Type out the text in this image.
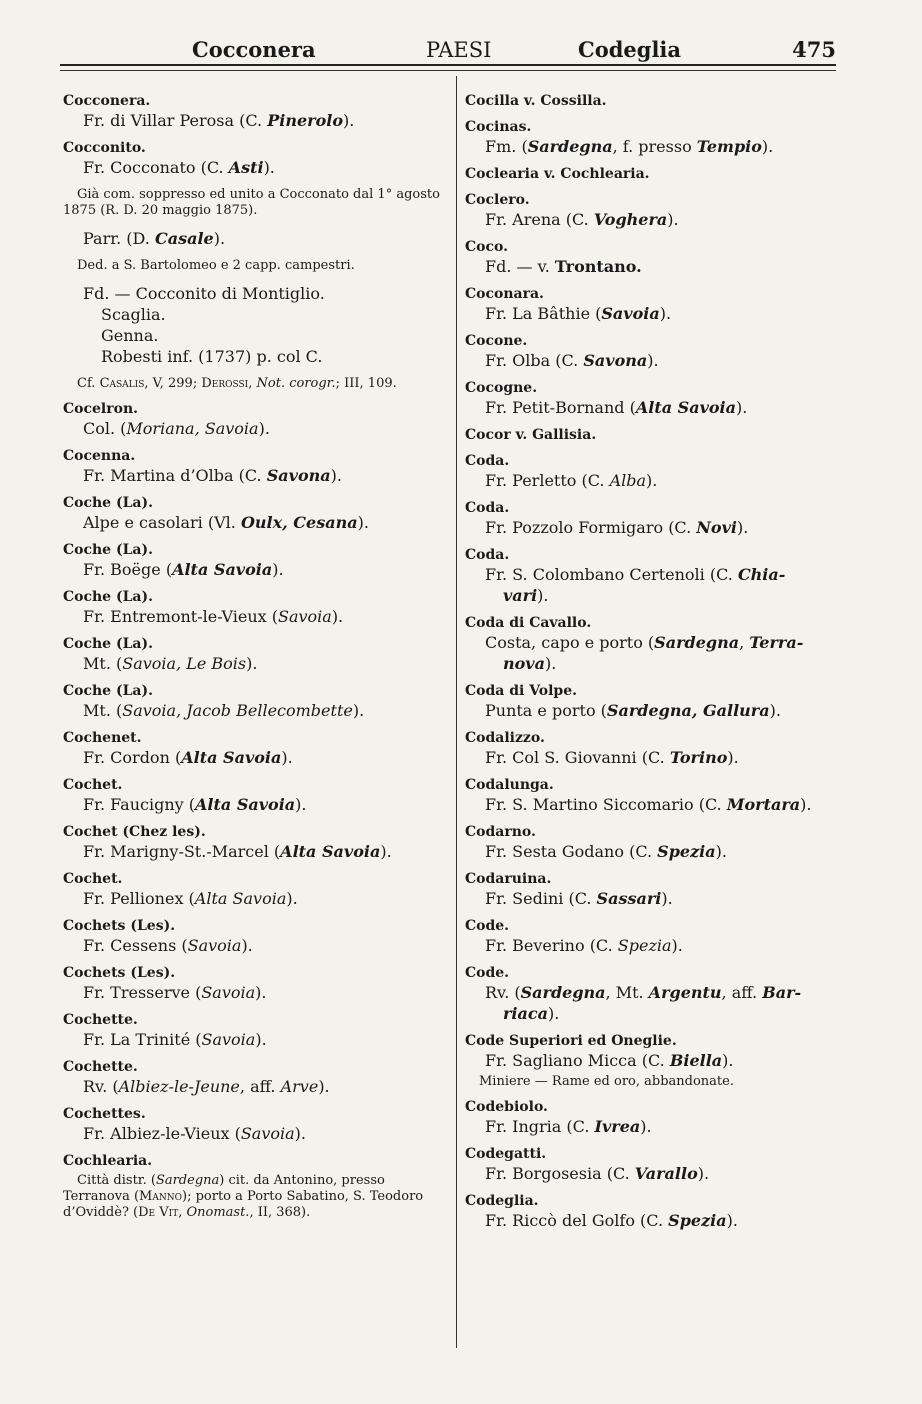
Cocconera	PAESI	Codeglia	475
Cocconera.
Fr. di Villar Perosa (C. Pinerolo).
Cocconito.
Fr. Cocconato (C. Asti).
Già com. soppresso ed unito a Cocconato dal 1° agosto 1875 (R. D. 20 maggio 1875).
Parr. (D. Casale).
Ded. a S. Bartolomeo e 2 capp. campestri.
Fd. — Cocconito di Montiglio.
Scaglia.
Genna.
Robesti inf. (1737) p. col C.
Cf. Casalis, V, 299; Derossi, Not. corogr.; III, 109.
Cocelron.
Col. (Moriana, Savoia).
Cocenna.
Fr. Martina d’Olba (C. Savona).
Coche (La).
Alpe e casolari (Vl. Oulx, Cesana).
Coche (La).
Fr. Boëge (Alta Savoia).
Coche (La).
Fr. Entremont-le-Vieux (Savoia).
Coche (La).
Mt. (Savoia, Le Bois).
Coche (La).
Mt. (Savoia, Jacob Bellecombette).
Cochenet.
Fr. Cordon (Alta Savoia).
Cochet.
Fr. Faucigny (Alta Savoia).
Cochet (Chez les).
Fr. Marigny-St.-Marcel (Alta Savoia).
Cochet.
Fr. Pellionex (Alta Savoia).
Cochets (Les).
Fr. Cessens (Savoia).
Cochets (Les).
Fr. Tresserve (Savoia).
Cochette.
Fr. La Trinité (Savoia).
Cochette.
Rv. (Albiez-le-Jeune, aff. Arve).
Cochettes.
Fr. Albiez-le-Vieux (Savoia).
Cochlearia.
Città distr. (Sardegna) cit. da Antonino, presso Terranova (Manno); porto a Porto Sabatino, S. Teodoro d’Oviddè? (De Vit, Onomast., II, 368).
Cocilla v. Cossilla.
Cocinas.
Fm. (Sardegna, f. presso Tempio).
Coclearia v. Cochlearia.
Coclero.
Fr. Arena (C. Voghera).
Coco.
Fd. — v. Trontano.
Coconara.
Fr. La Bâthie (Savoia).
Cocone.
Fr. Olba (C. Savona).
Cocogne.
Fr. Petit-Bornand (Alta Savoia).
Cocor v. Gallisia.
Coda.
Fr. Perletto (C. Alba).
Coda.
Fr. Pozzolo Formigaro (C. Novi).
Coda.
Fr. S. Colombano Certenoli (C. Chia-
vari).
Coda di Cavallo.
Costa, capo e porto (Sardegna, Terra-
nova).
Coda di Volpe.
Punta e porto (Sardegna, Gallura).
Codalizzo.
Fr. Col S. Giovanni (C. Torino).
Codalunga.
Fr. S. Martino Siccomario (C. Mortara).
Codarno.
Fr. Sesta Godano (C. Spezia).
Codaruina.
Fr. Sedini (C. Sassari).
Code.
Fr. Beverino (C. Spezia).
Code.
Rv. (Sardegna, Mt. Argentu, aff. Bar-
riaca).
Code Superiori ed Oneglie.
Fr. Sagliano Micca (C. Biella).
Miniere — Rame ed oro, abbandonate.
Codebiolo.
Fr. Ingria (C. Ivrea).
Codegatti.
Fr. Borgosesia (C. Varallo).
Codeglia.
Fr. Riccò del Golfo (C. Spezia).
